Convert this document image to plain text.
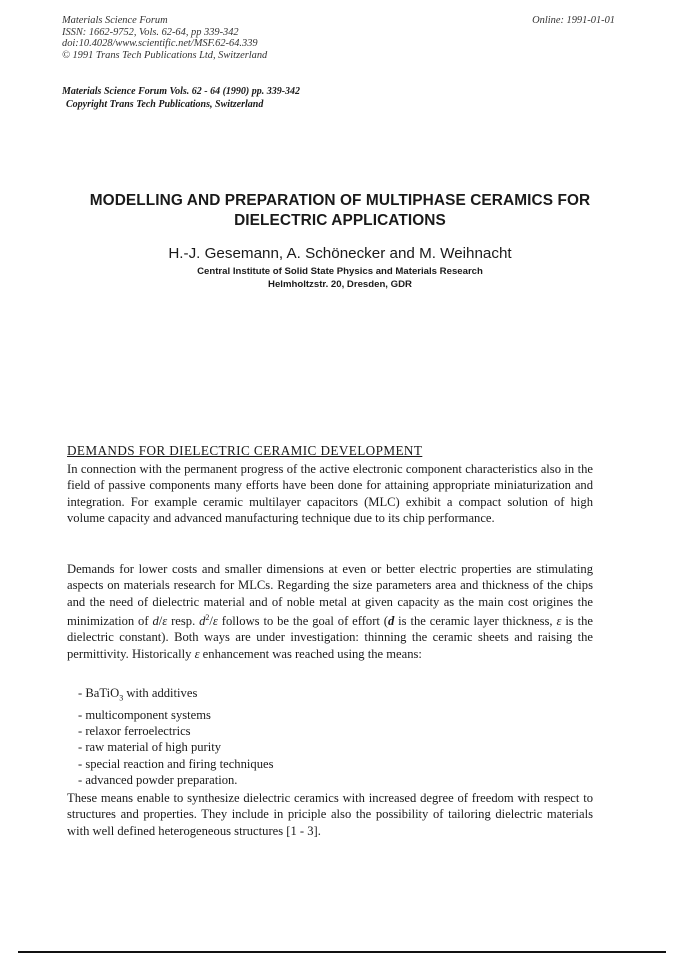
Materials Science Forum
ISSN: 1662-9752, Vols. 62-64, pp 339-342
doi:10.4028/www.scientific.net/MSF.62-64.339
© 1991 Trans Tech Publications Ltd, Switzerland
Online: 1991-01-01
Materials Science Forum Vols. 62 - 64 (1990) pp. 339-342
Copyright Trans Tech Publications, Switzerland
MODELLING AND PREPARATION OF MULTIPHASE CERAMICS FOR
DIELECTRIC APPLICATIONS
H.-J. Gesemann, A. Schönecker and M. Weihnacht
Central Institute of Solid State Physics and Materials Research
Helmholtzstr. 20, Dresden, GDR
DEMANDS FOR DIELECTRIC CERAMIC DEVELOPMENT
In connection with the permanent progress of the active electronic component characteristics also in the field of passive components many efforts have been done for attaining appropriate miniaturization and integration. For example ceramic multilayer capacitors (MLC) exhibit a compact solution of high volume capacity and advanced manufacturing technique due to its chip performance.
Demands for lower costs and smaller dimensions at even or better electric properties are stimulating aspects on materials research for MLCs. Regarding the size parameters area and thickness of the chips and the need of dielectric material and of noble metal at given capacity as the main cost origines the minimization of d/ε resp. $d^2/\varepsilon$ follows to be the goal of effort (d is the ceramic layer thickness, ε is the dielectric constant). Both ways are under investigation: thinning the ceramic sheets and raising the permittivity. Historically ε enhancement was reached using the means:
- BaTiO$_3$ with additives
- multicomponent systems
- relaxor ferroelectrics
- raw material of high purity
- special reaction and firing techniques
- advanced powder preparation.
These means enable to synthesize dielectric ceramics with increased degree of freedom with respect to structures and properties. They include in priciple also the possibility of tailoring dielectric materials with well defined heterogeneous structures [1 - 3].
